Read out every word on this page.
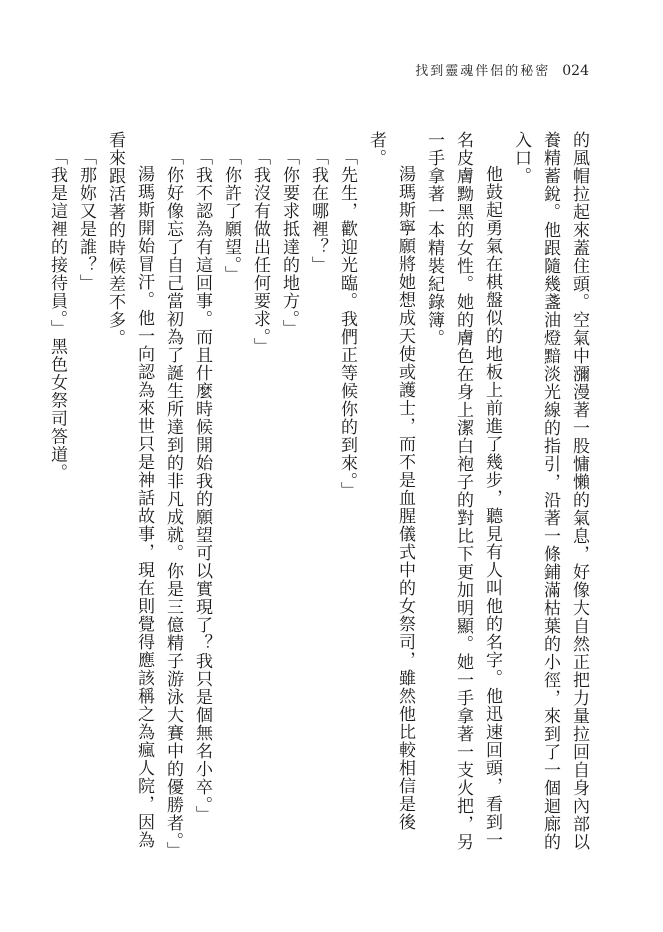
找到靈魂伴侶的秘密 024

的風帽拉起來蓋住頭。空氣中瀰漫著一股慵懶的氣息，好像大自然正把力量拉回自身內部以養精蓄銳。他跟隨幾盞油燈黯淡光線的指引，沿著一條鋪滿枯葉的小徑，來到了一個迴廊的入口。

他鼓起勇氣在棋盤似的地板上前進了幾步，聽見有人叫他的名字。他迅速回頭，看到一名皮膚黝黑的女性。她的膚色在身上潔白袍子的對比下更加明顯。她一手拿著一支火把，另一手拿著一本精裝紀錄簿。

湯瑪斯寧願將她想成天使或護士，而不是血腥儀式中的女祭司，雖然他比較相信是後者。

「先生，歡迎光臨。我們正等候你的到來。」

「我在哪裡？」

「你要求抵達的地方。」

「我沒有做出任何要求。」

「你許了願望。」

「我不認為有這回事。而且什麼時候開始我的願望可以實現了？我只是個無名小卒。」

「你好像忘了自己當初為了誕生所達到的非凡成就。你是三億精子游泳大賽中的優勝者。」

湯瑪斯開始冒汗。他一向認為來世只是神話故事，現在則覺得應該稱之為瘋人院，因為看來跟活著的時候差不多。

「那妳又是誰？」

「我是這裡的接待員。」黑色女祭司答道。
